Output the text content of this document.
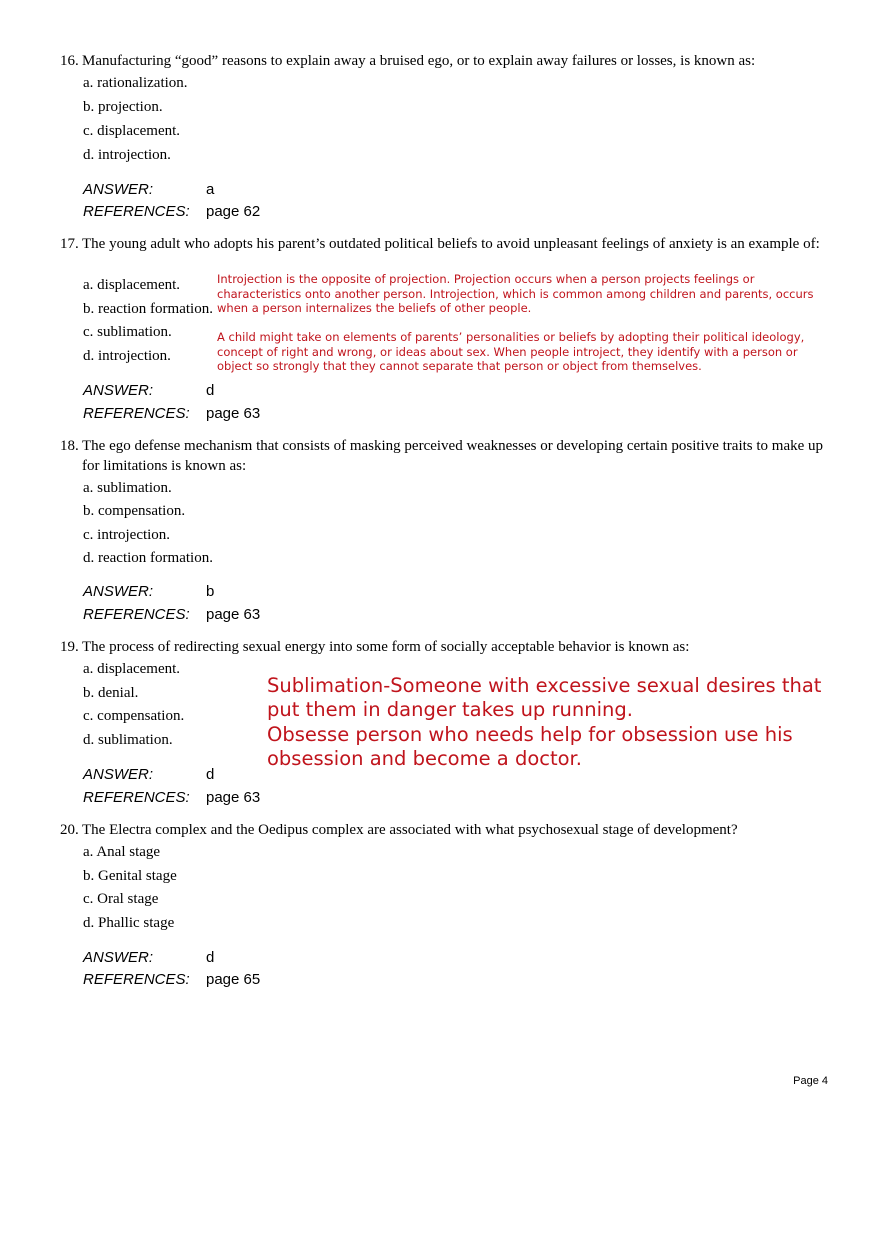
16. Manufacturing “good” reasons to explain away a bruised ego, or to explain away failures or losses, is known as:
a. rationalization.
b. projection.
c. displacement.
d. introjection.
ANSWER:	a
REFERENCES: page 62
17. The young adult who adopts his parent’s outdated political beliefs to avoid unpleasant feelings of anxiety is an example of:
a. displacement.
b. reaction formation.
c. sublimation.
d. introjection.
Introjection is the opposite of projection. Projection occurs when a person projects feelings or characteristics onto another person. Introjection, which is common among children and parents, occurs when a person internalizes the beliefs of other people.
A child might take on elements of parents’ personalities or beliefs by adopting their political ideology, concept of right and wrong, or ideas about sex. When people introject, they identify with a person or object so strongly that they cannot separate that person or object from themselves.
ANSWER:	d
REFERENCES: page 63
18. The ego defense mechanism that consists of masking perceived weaknesses or developing certain positive traits to make up for limitations is known as:
a. sublimation.
b. compensation.
c. introjection.
d. reaction formation.
ANSWER:	b
REFERENCES: page 63
19. The process of redirecting sexual energy into some form of socially acceptable behavior is known as:
a. displacement.
b. denial.
c. compensation.
d. sublimation.
Sublimation-Someone with excessive sexual desires that put them in danger takes up running.
Obsesse person who needs help for obsession use his obsession and become a doctor.
ANSWER:	d
REFERENCES: page 63
20. The Electra complex and the Oedipus complex are associated with what psychosexual stage of development?
a. Anal stage
b. Genital stage
c. Oral stage
d. Phallic stage
ANSWER:	d
REFERENCES: page 65
Page 4
